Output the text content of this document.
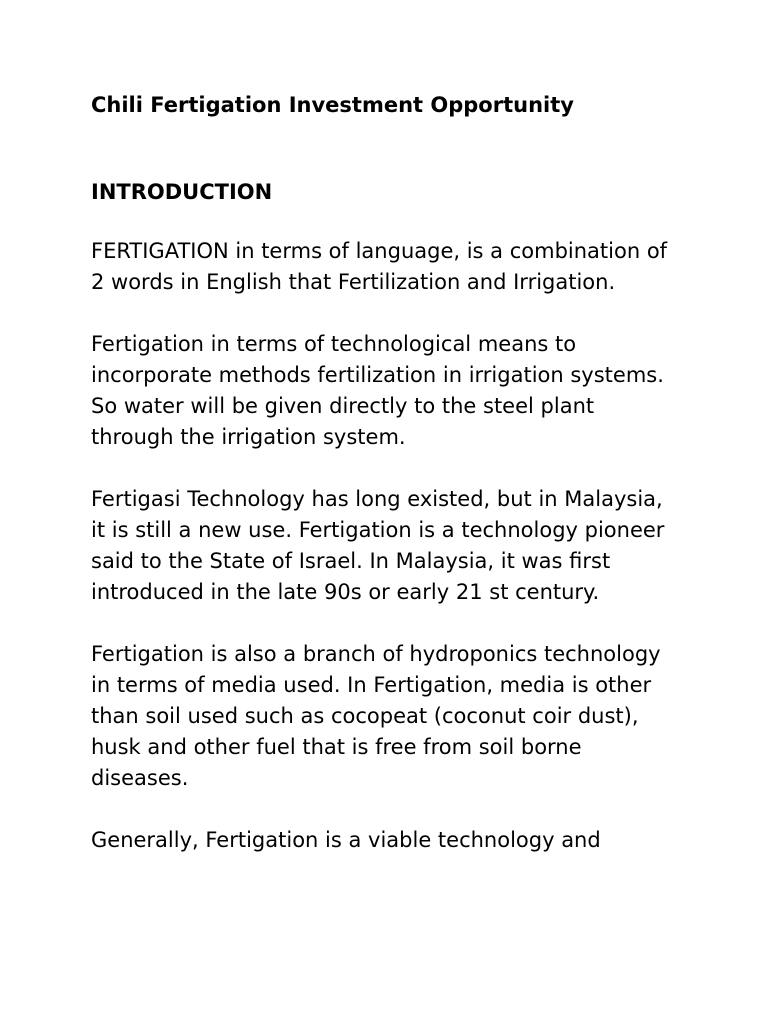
Chili Fertigation Investment Opportunity
INTRODUCTION

FERTIGATION in terms of language, is a combination of 2 words in English that Fertilization and Irrigation.

Fertigation in terms of technological means to incorporate methods fertilization in irrigation systems. So water will be given directly to the steel plant through the irrigation system.

Fertigasi Technology has long existed, but in Malaysia, it is still a new use. Fertigation is a technology pioneer said to the State of Israel. In Malaysia, it was first introduced in the late 90s or early 21 st century.

Fertigation is also a branch of hydroponics technology in terms of media used. In Fertigation, media is other than soil used such as cocopeat (coconut coir dust), husk and other fuel that is free from soil borne diseases.

Generally, Fertigation is a viable technology and
